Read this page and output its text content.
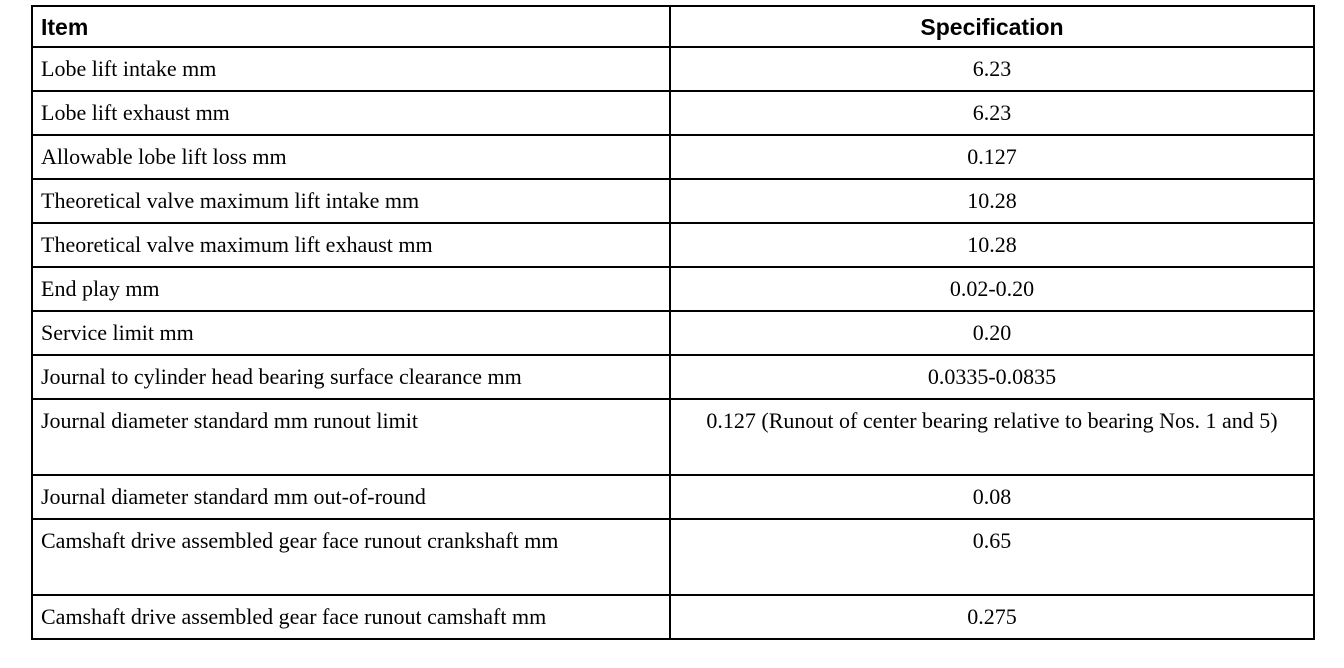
Item	Specification
Lobe lift intake mm	6.23
Lobe lift exhaust mm	6.23
Allowable lobe lift loss mm	0.127
Theoretical valve maximum lift intake mm	10.28
Theoretical valve maximum lift exhaust mm	10.28
End play mm	0.02-0.20
Service limit mm	0.20
Journal to cylinder head bearing surface clearance mm	0.0335-0.0835
Journal diameter standard mm runout limit	0.127 (Runout of center bearing relative to bearing Nos. 1 and 5)
Journal diameter standard mm out-of-round	0.08
Camshaft drive assembled gear face runout crankshaft mm	0.65
Camshaft drive assembled gear face runout camshaft mm	0.275
